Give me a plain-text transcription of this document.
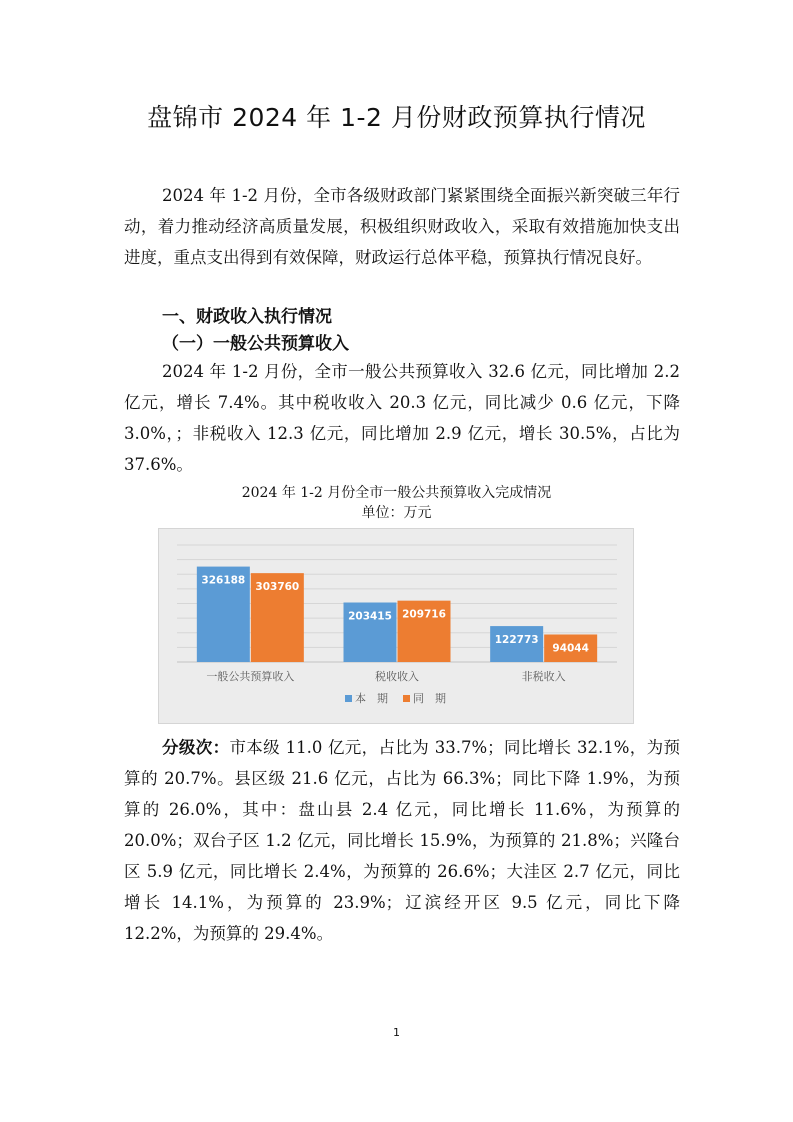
盘锦市 2024 年 1-2 月份财政预算执行情况

2024 年 1-2 月份，全市各级财政部门紧紧围绕全面振兴新突破三年行动，着力推动经济高质量发展，积极组织财政收入，采取有效措施加快支出进度，重点支出得到有效保障，财政运行总体平稳，预算执行情况良好。

一、财政收入执行情况
（一）一般公共预算收入

2024 年 1-2 月份，全市一般公共预算收入 32.6 亿元，同比增加 2.2 亿元，增长 7.4%。其中税收收入 20.3 亿元，同比减少 0.6 亿元，下降 3.0%，；非税收入 12.3 亿元，同比增加 2.9 亿元，增长 30.5%，占比为 37.6%。

2024 年 1-2 月份全市一般公共预算收入完成情况
单位：万元
326188
303760
一般公共预算收入
203415 209716
税收收入
122773
94044
非税收入
本　期 同　期

分级次：市本级 11.0 亿元，占比为 33.7%；同比增长 32.1%，为预算的 20.7%。县区级 21.6 亿元，占比为 66.3%；同比下降 1.9%，为预算的 26.0%，其中：盘山县 2.4 亿元，同比增长 11.6%，为预算的 20.0%；双台子区 1.2 亿元，同比增长 15.9%，为预算的 21.8%；兴隆台区 5.9 亿元，同比增长 2.4%，为预算的 26.6%；大洼区 2.7 亿元，同比增长 14.1%，为预算的 23.9%；辽滨经开区 9.5 亿元，同比下降 12.2%，为预算的 29.4%。

1
